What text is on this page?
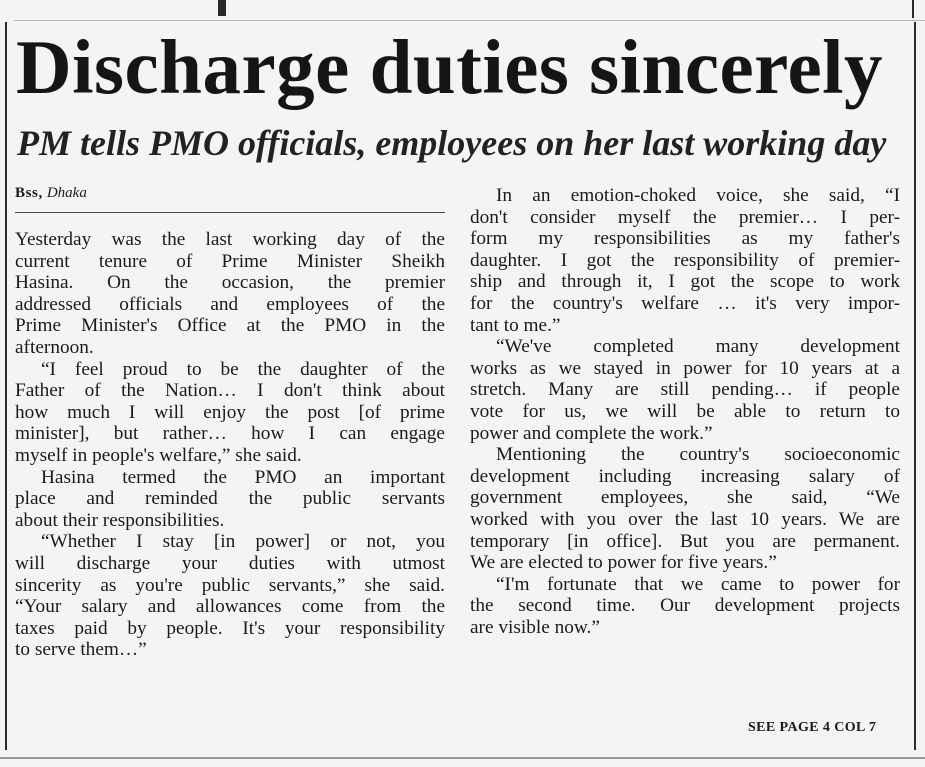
Discharge duties sincerely
PM tells PMO officials, employees on her last working day
Bss, Dhaka
Yesterday was the last working day of the
current tenure of Prime Minister Sheikh
Hasina. On the occasion, the premier
addressed officials and employees of the
Prime Minister's Office at the PMO in the
afternoon.
“I feel proud to be the daughter of the
Father of the Nation… I don't think about
how much I will enjoy the post [of prime
minister], but rather… how I can engage
myself in people's welfare,” she said.
Hasina termed the PMO an important
place and reminded the public servants
about their responsibilities.
“Whether I stay [in power] or not, you
will discharge your duties with utmost
sincerity as you're public servants,” she said.
“Your salary and allowances come from the
taxes paid by people. It's your responsibility
to serve them…”
In an emotion-choked voice, she said, “I
don't consider myself the premier… I per-
form my responsibilities as my father's
daughter. I got the responsibility of premier-
ship and through it, I got the scope to work
for the country's welfare … it's very impor-
tant to me.”
“We've completed many development
works as we stayed in power for 10 years at a
stretch. Many are still pending… if people
vote for us, we will be able to return to
power and complete the work.”
Mentioning the country's socioeconomic
development including increasing salary of
government employees, she said, “We
worked with you over the last 10 years. We are
temporary [in office]. But you are permanent.
We are elected to power for five years.”
“I'm fortunate that we came to power for
the second time. Our development projects
are visible now.”
SEE PAGE 4 COL 7
